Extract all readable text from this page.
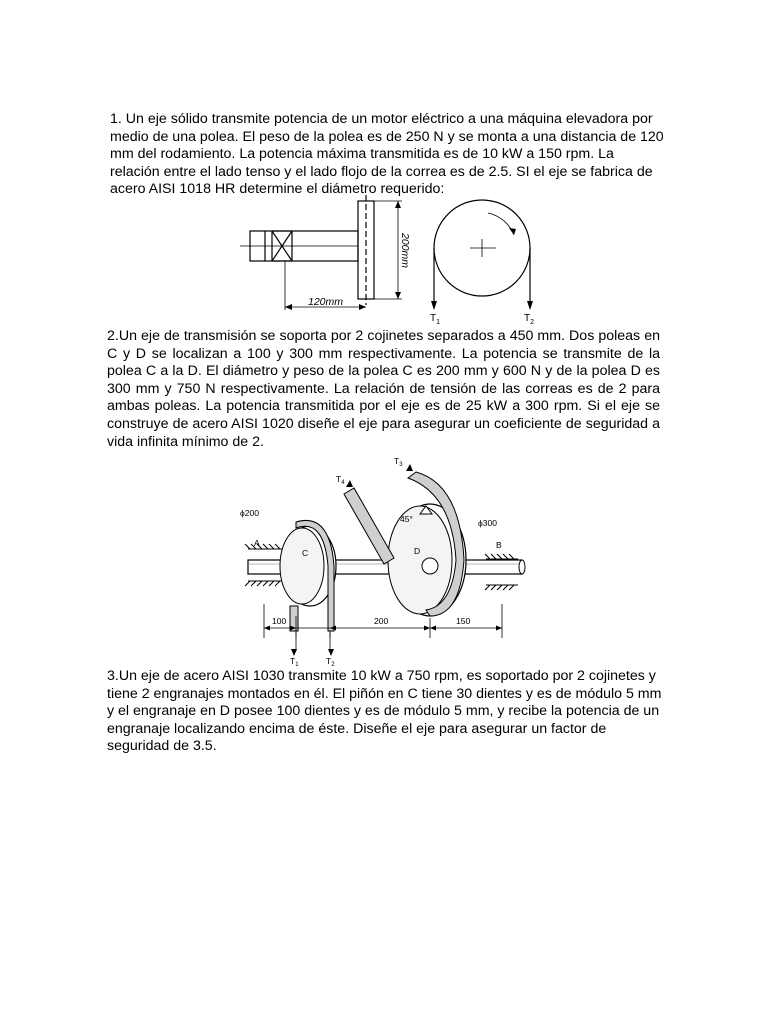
1. Un eje sólido transmite potencia de un motor eléctrico a una máquina elevadora por medio de una polea. El peso de la polea es de 250 N y se monta a una distancia de 120 mm del rodamiento. La potencia máxima transmitida es de 10 kW a 150 rpm. La relación entre el lado tenso y el lado flojo de la correa es de 2.5. SI el eje se fabrica de acero AISI 1018 HR determine el diámetro requerido:

200mm
120mm
$T_1$	$T_2$

2.Un eje de transmisión se soporta por 2 cojinetes separados a 450 mm. Dos poleas en C y D se localizan a 100 y 300 mm respectivamente. La potencia se transmite de la polea C a la D. El diámetro y peso de la polea C es 200 mm y 600 N y de la polea D es 300 mm y 750 N respectivamente. La relación de tensión de las correas es de 2 para ambas poleas. La potencia transmitida por el eje es de 25 kW a 300 rpm. Si el eje se construye de acero AISI 1020 diseñe el eje para asegurar un coeficiente de seguridad a vida infinita mínimo de 2.

ϕ200
ϕ300
45°
A	B
C	D
100	200	150
$T_1$	$T_2$
$T_3$
$T_4$

3.Un eje de acero AISI 1030 transmite 10 kW a 750 rpm, es soportado por 2 cojinetes y tiene 2 engranajes montados en él. El piñón en C tiene 30 dientes y es de módulo 5 mm y el engranaje en D posee 100 dientes y es de módulo 5 mm, y recibe la potencia de un engranaje localizando encima de éste. Diseñe el eje para asegurar un factor de seguridad de 3.5.
